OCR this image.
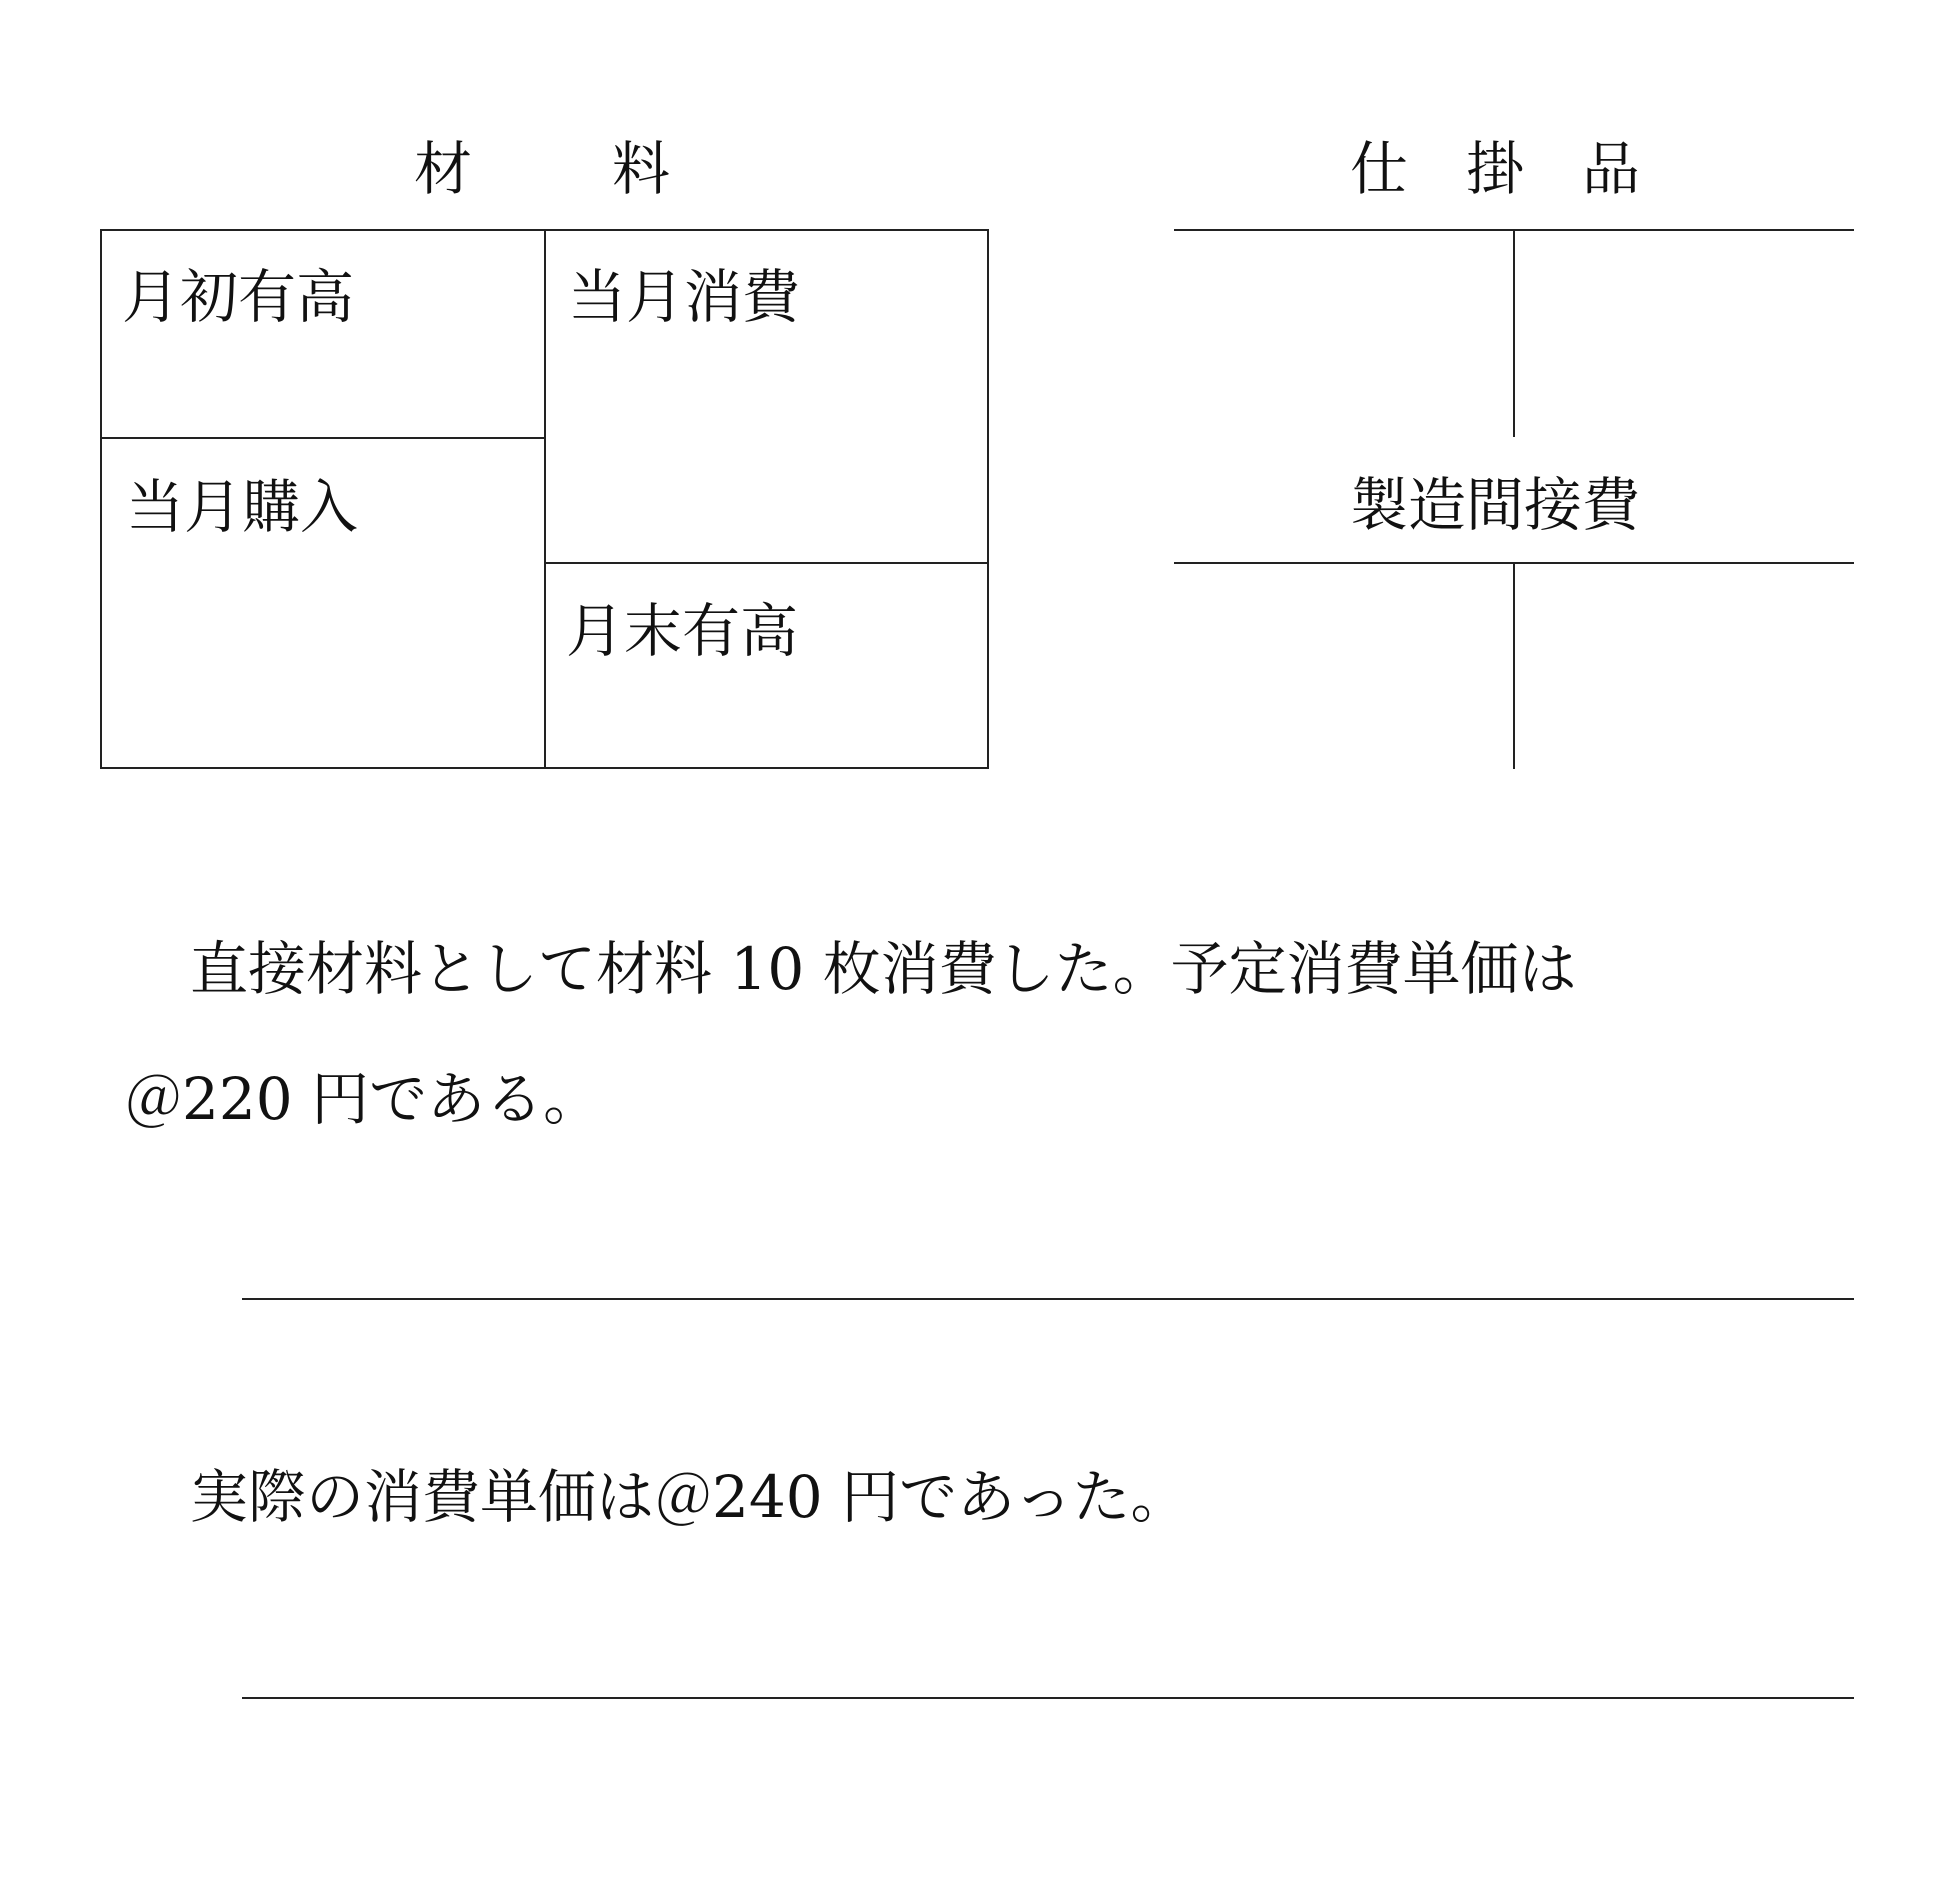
材 料
月初有高
当月購入
当月消費
月末有高
仕　掛　品
製造間接費
直接材料として材料 10 枚消費した。予定消費単価は
＠220 円である。
実際の消費単価は＠240 円であった。
